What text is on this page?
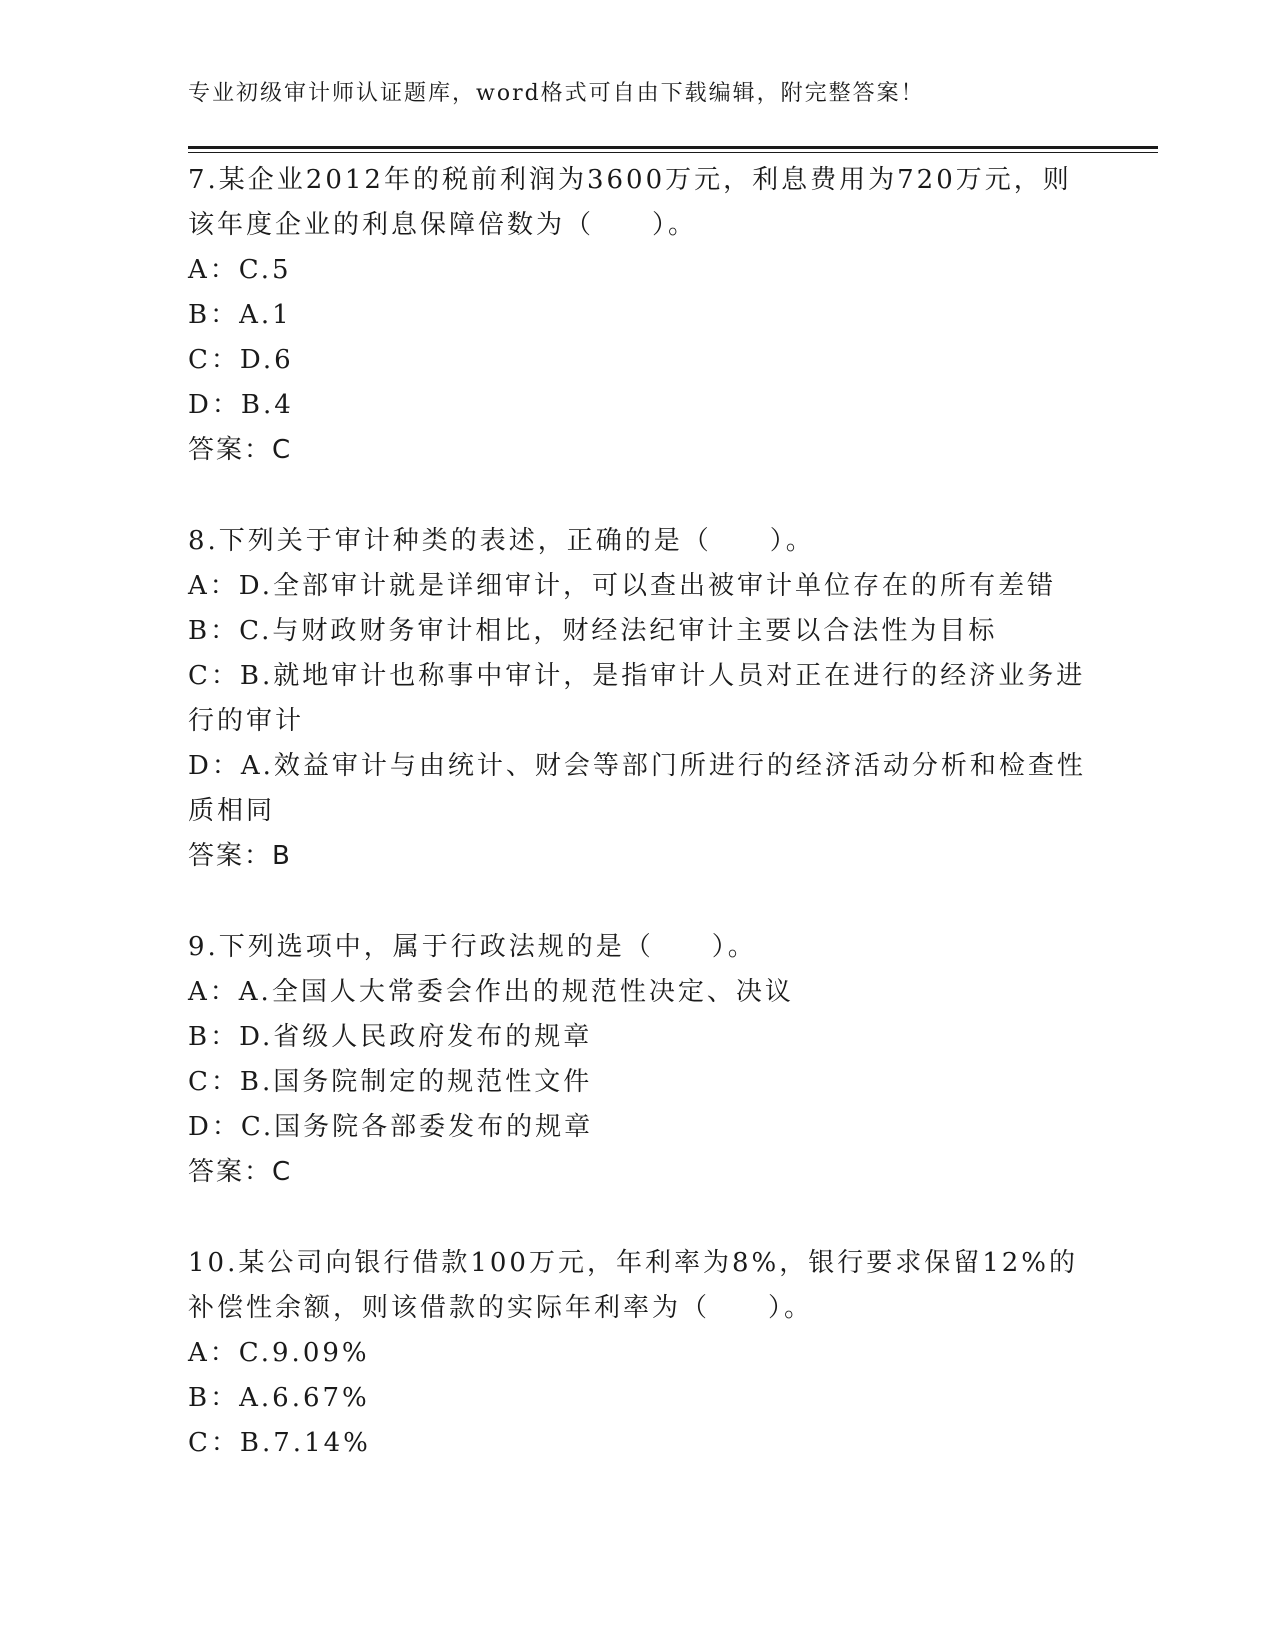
专业初级审计师认证题库，word格式可自由下载编辑，附完整答案！
7.某企业2012年的税前利润为3600万元，利息费用为720万元，则该年度企业的利息保障倍数为（　　）。
A：C.5
B：A.1
C：D.6
D：B.4
答案：C
8.下列关于审计种类的表述，正确的是（　　）。
A：D.全部审计就是详细审计，可以查出被审计单位存在的所有差错
B：C.与财政财务审计相比，财经法纪审计主要以合法性为目标
C：B.就地审计也称事中审计，是指审计人员对正在进行的经济业务进行的审计
D：A.效益审计与由统计、财会等部门所进行的经济活动分析和检查性质相同
答案：B
9.下列选项中，属于行政法规的是（　　）。
A：A.全国人大常委会作出的规范性决定、决议
B：D.省级人民政府发布的规章
C：B.国务院制定的规范性文件
D：C.国务院各部委发布的规章
答案：C
10.某公司向银行借款100万元，年利率为8%，银行要求保留12%的补偿性余额，则该借款的实际年利率为（　　）。
A：C.9.09%
B：A.6.67%
C：B.7.14%
